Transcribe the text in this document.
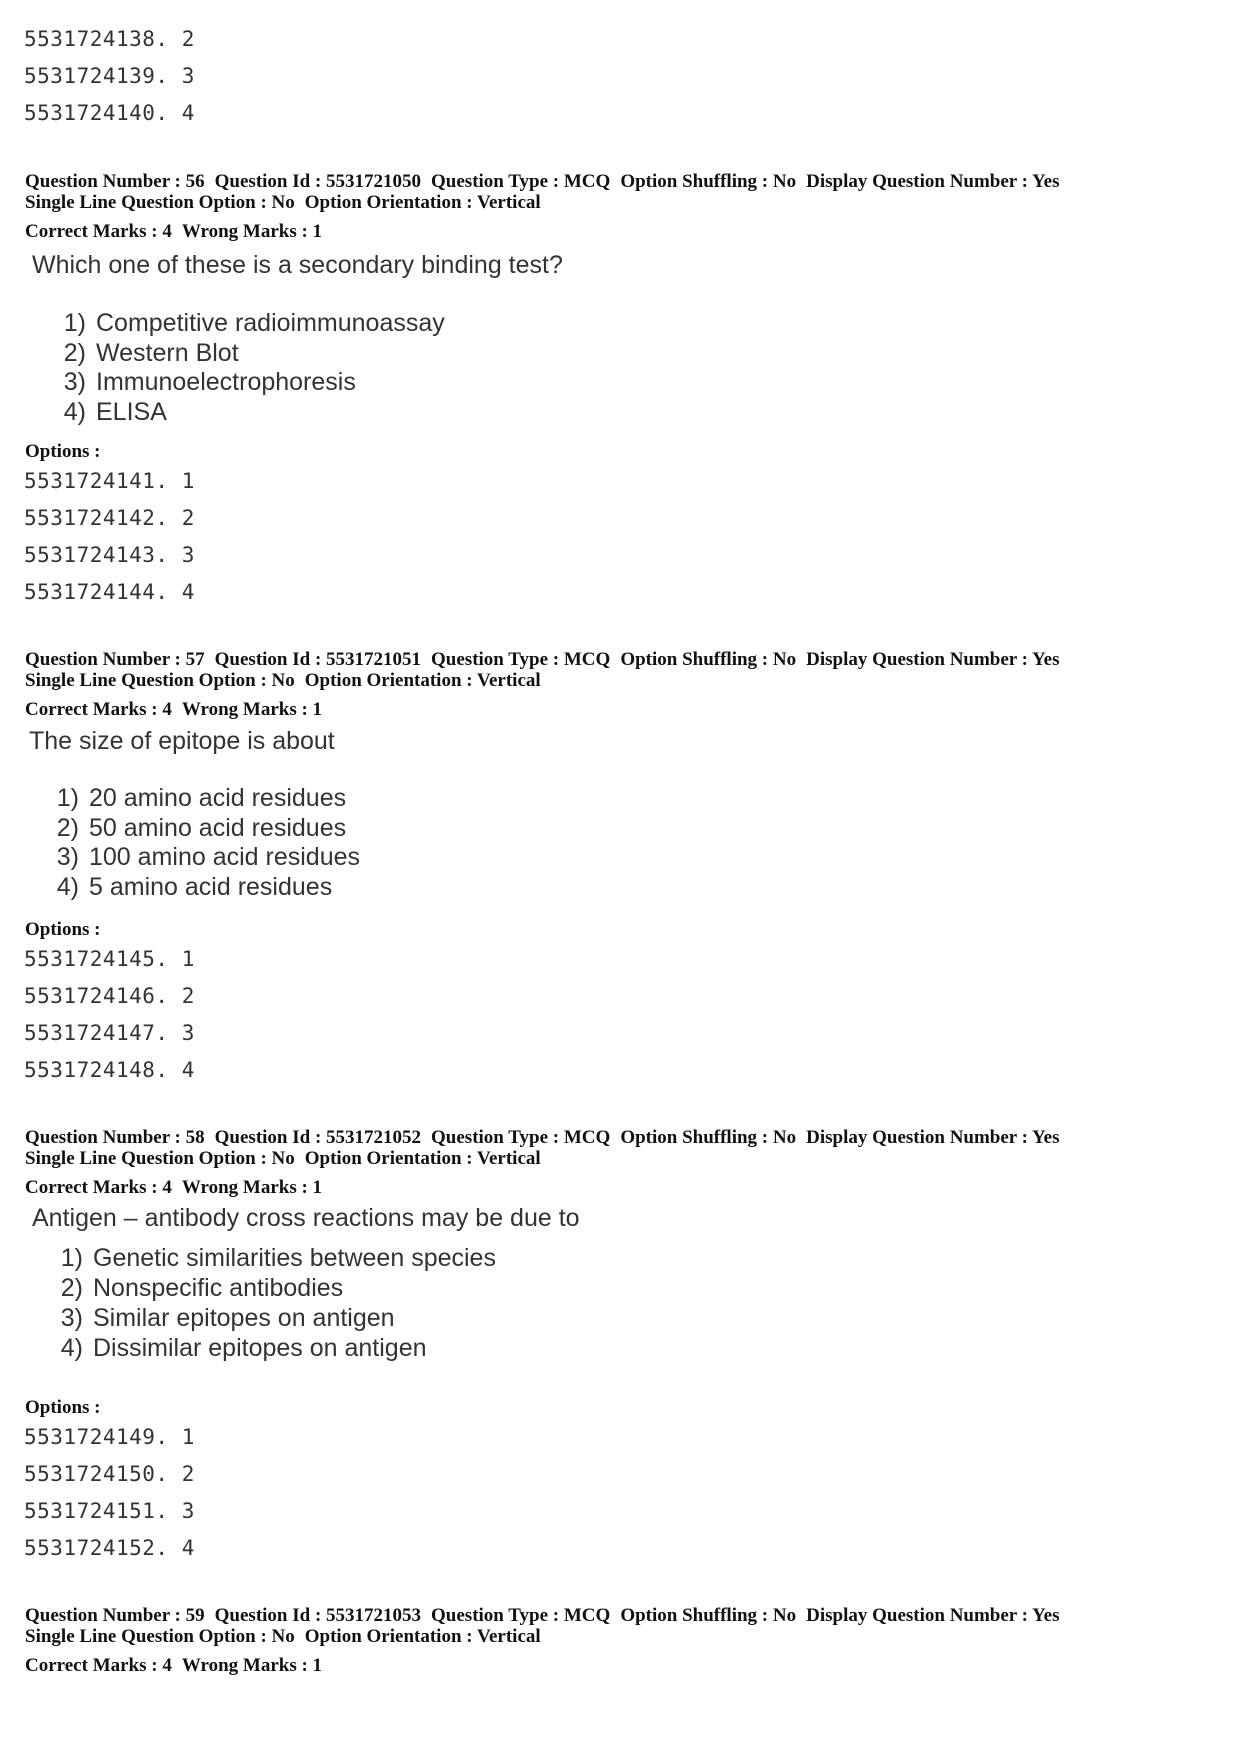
5531724138. 2
5531724139. 3
5531724140. 4
Question Number : 56 Question Id : 5531721050 Question Type : MCQ Option Shuffling : No Display Question Number : Yes
Single Line Question Option : No Option Orientation : Vertical
Correct Marks : 4 Wrong Marks : 1
Which one of these is a secondary binding test?
1) Competitive radioimmunoassay
2) Western Blot
3) Immunoelectrophoresis
4) ELISA
Options :
5531724141. 1
5531724142. 2
5531724143. 3
5531724144. 4
Question Number : 57 Question Id : 5531721051 Question Type : MCQ Option Shuffling : No Display Question Number : Yes
Single Line Question Option : No Option Orientation : Vertical
Correct Marks : 4 Wrong Marks : 1
The size of epitope is about
1) 20 amino acid residues
2) 50 amino acid residues
3) 100 amino acid residues
4) 5 amino acid residues
Options :
5531724145. 1
5531724146. 2
5531724147. 3
5531724148. 4
Question Number : 58 Question Id : 5531721052 Question Type : MCQ Option Shuffling : No Display Question Number : Yes
Single Line Question Option : No Option Orientation : Vertical
Correct Marks : 4 Wrong Marks : 1
Antigen – antibody cross reactions may be due to
1) Genetic similarities between species
2) Nonspecific antibodies
3) Similar epitopes on antigen
4) Dissimilar epitopes on antigen
Options :
5531724149. 1
5531724150. 2
5531724151. 3
5531724152. 4
Question Number : 59 Question Id : 5531721053 Question Type : MCQ Option Shuffling : No Display Question Number : Yes
Single Line Question Option : No Option Orientation : Vertical
Correct Marks : 4 Wrong Marks : 1
